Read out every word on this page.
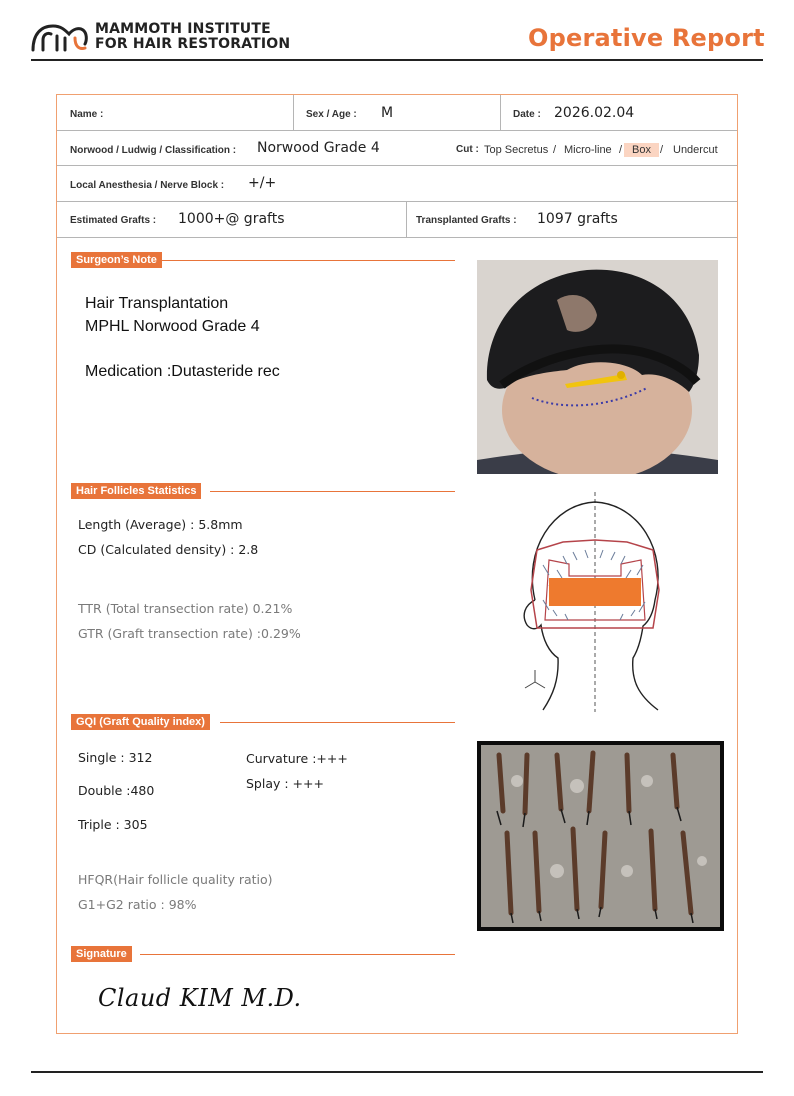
MAMMOTH INSTITUTE
FOR HAIR RESTORATION	Operative Report
Name :	Sex / Age : M	Date : 2026.02.04
Norwood / Ludwig / Classification : Norwood Grade 4	Cut : Top Secretus / Micro-line / Box / Undercut
Local Anesthesia / Nerve Block : +/+
Estimated Grafts : 1000+@ grafts	Transplanted Grafts : 1097 grafts
Surgeon’s Note
Hair Transplantation
MPHL Norwood Grade 4
Medication :Dutasteride rec
Hair Follicles Statistics
Length (Average) : 5.8mm
CD (Calculated density) : 2.8
TTR (Total transection rate) 0.21%
GTR (Graft transection rate) :0.29%
GQI (Graft Quality index)
Single : 312
Double :480
Triple : 305
Curvature :+++
Splay : +++
HFQR(Hair follicle quality ratio)
G1+G2 ratio : 98%
Signature
Claud KIM M.D.
